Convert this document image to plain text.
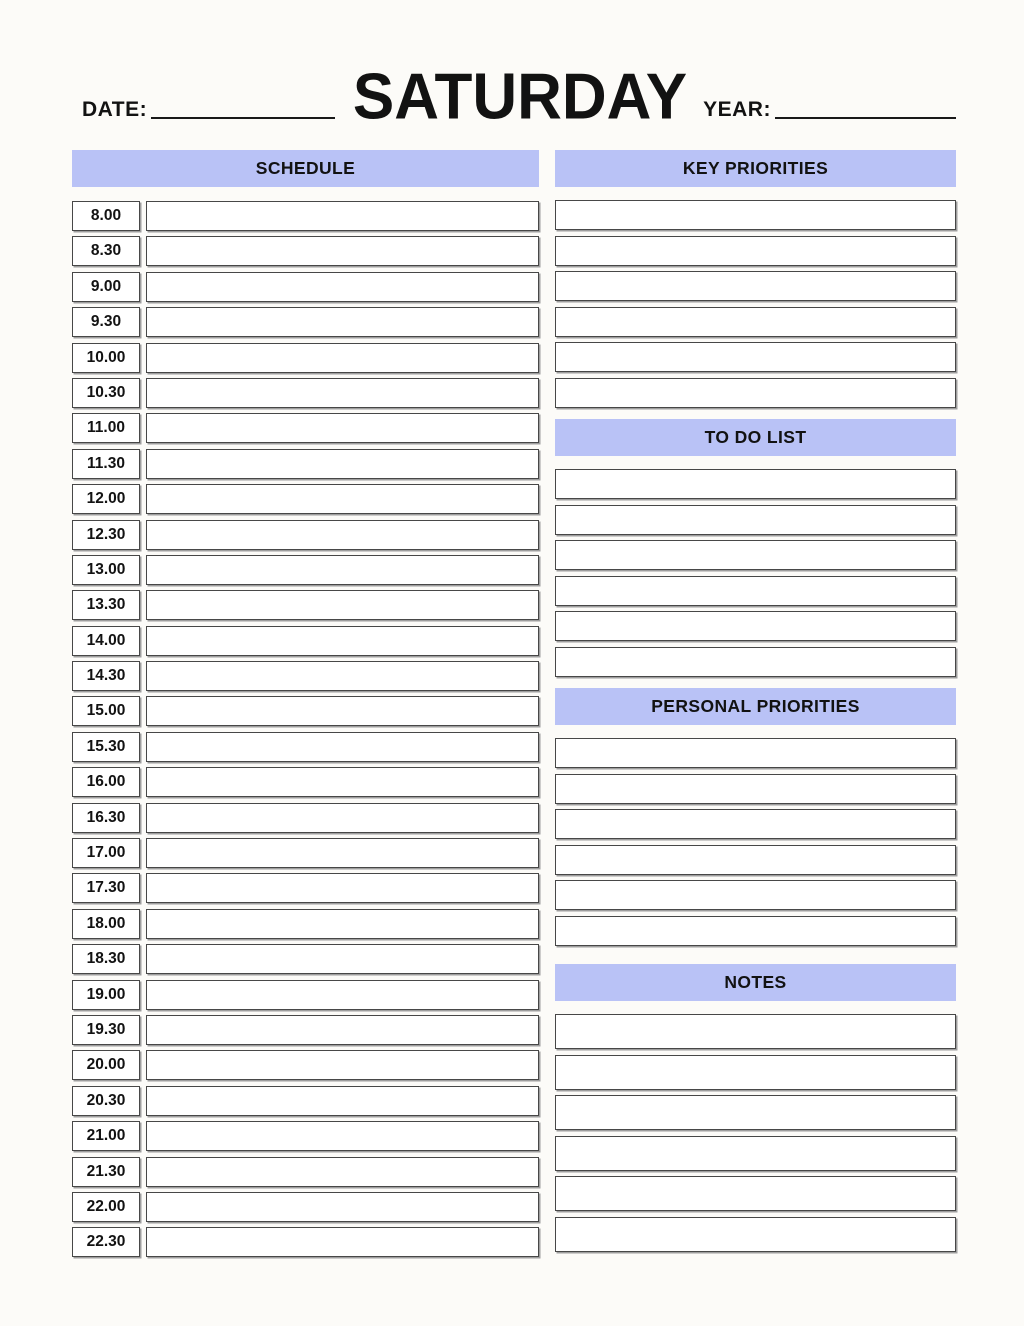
DATE:	SATURDAY YEAR:
SCHEDULE
8.00
8.30
9.00
9.30
10.00
10.30
11.00
11.30
12.00
12.30
13.00
13.30
14.00
14.30
15.00
15.30
16.00
16.30
17.00
17.30
18.00
18.30
19.00
19.30
20.00
20.30
21.00
21.30
22.00
22.30
KEY PRIORITIES
TO DO LIST
PERSONAL PRIORITIES
NOTES
